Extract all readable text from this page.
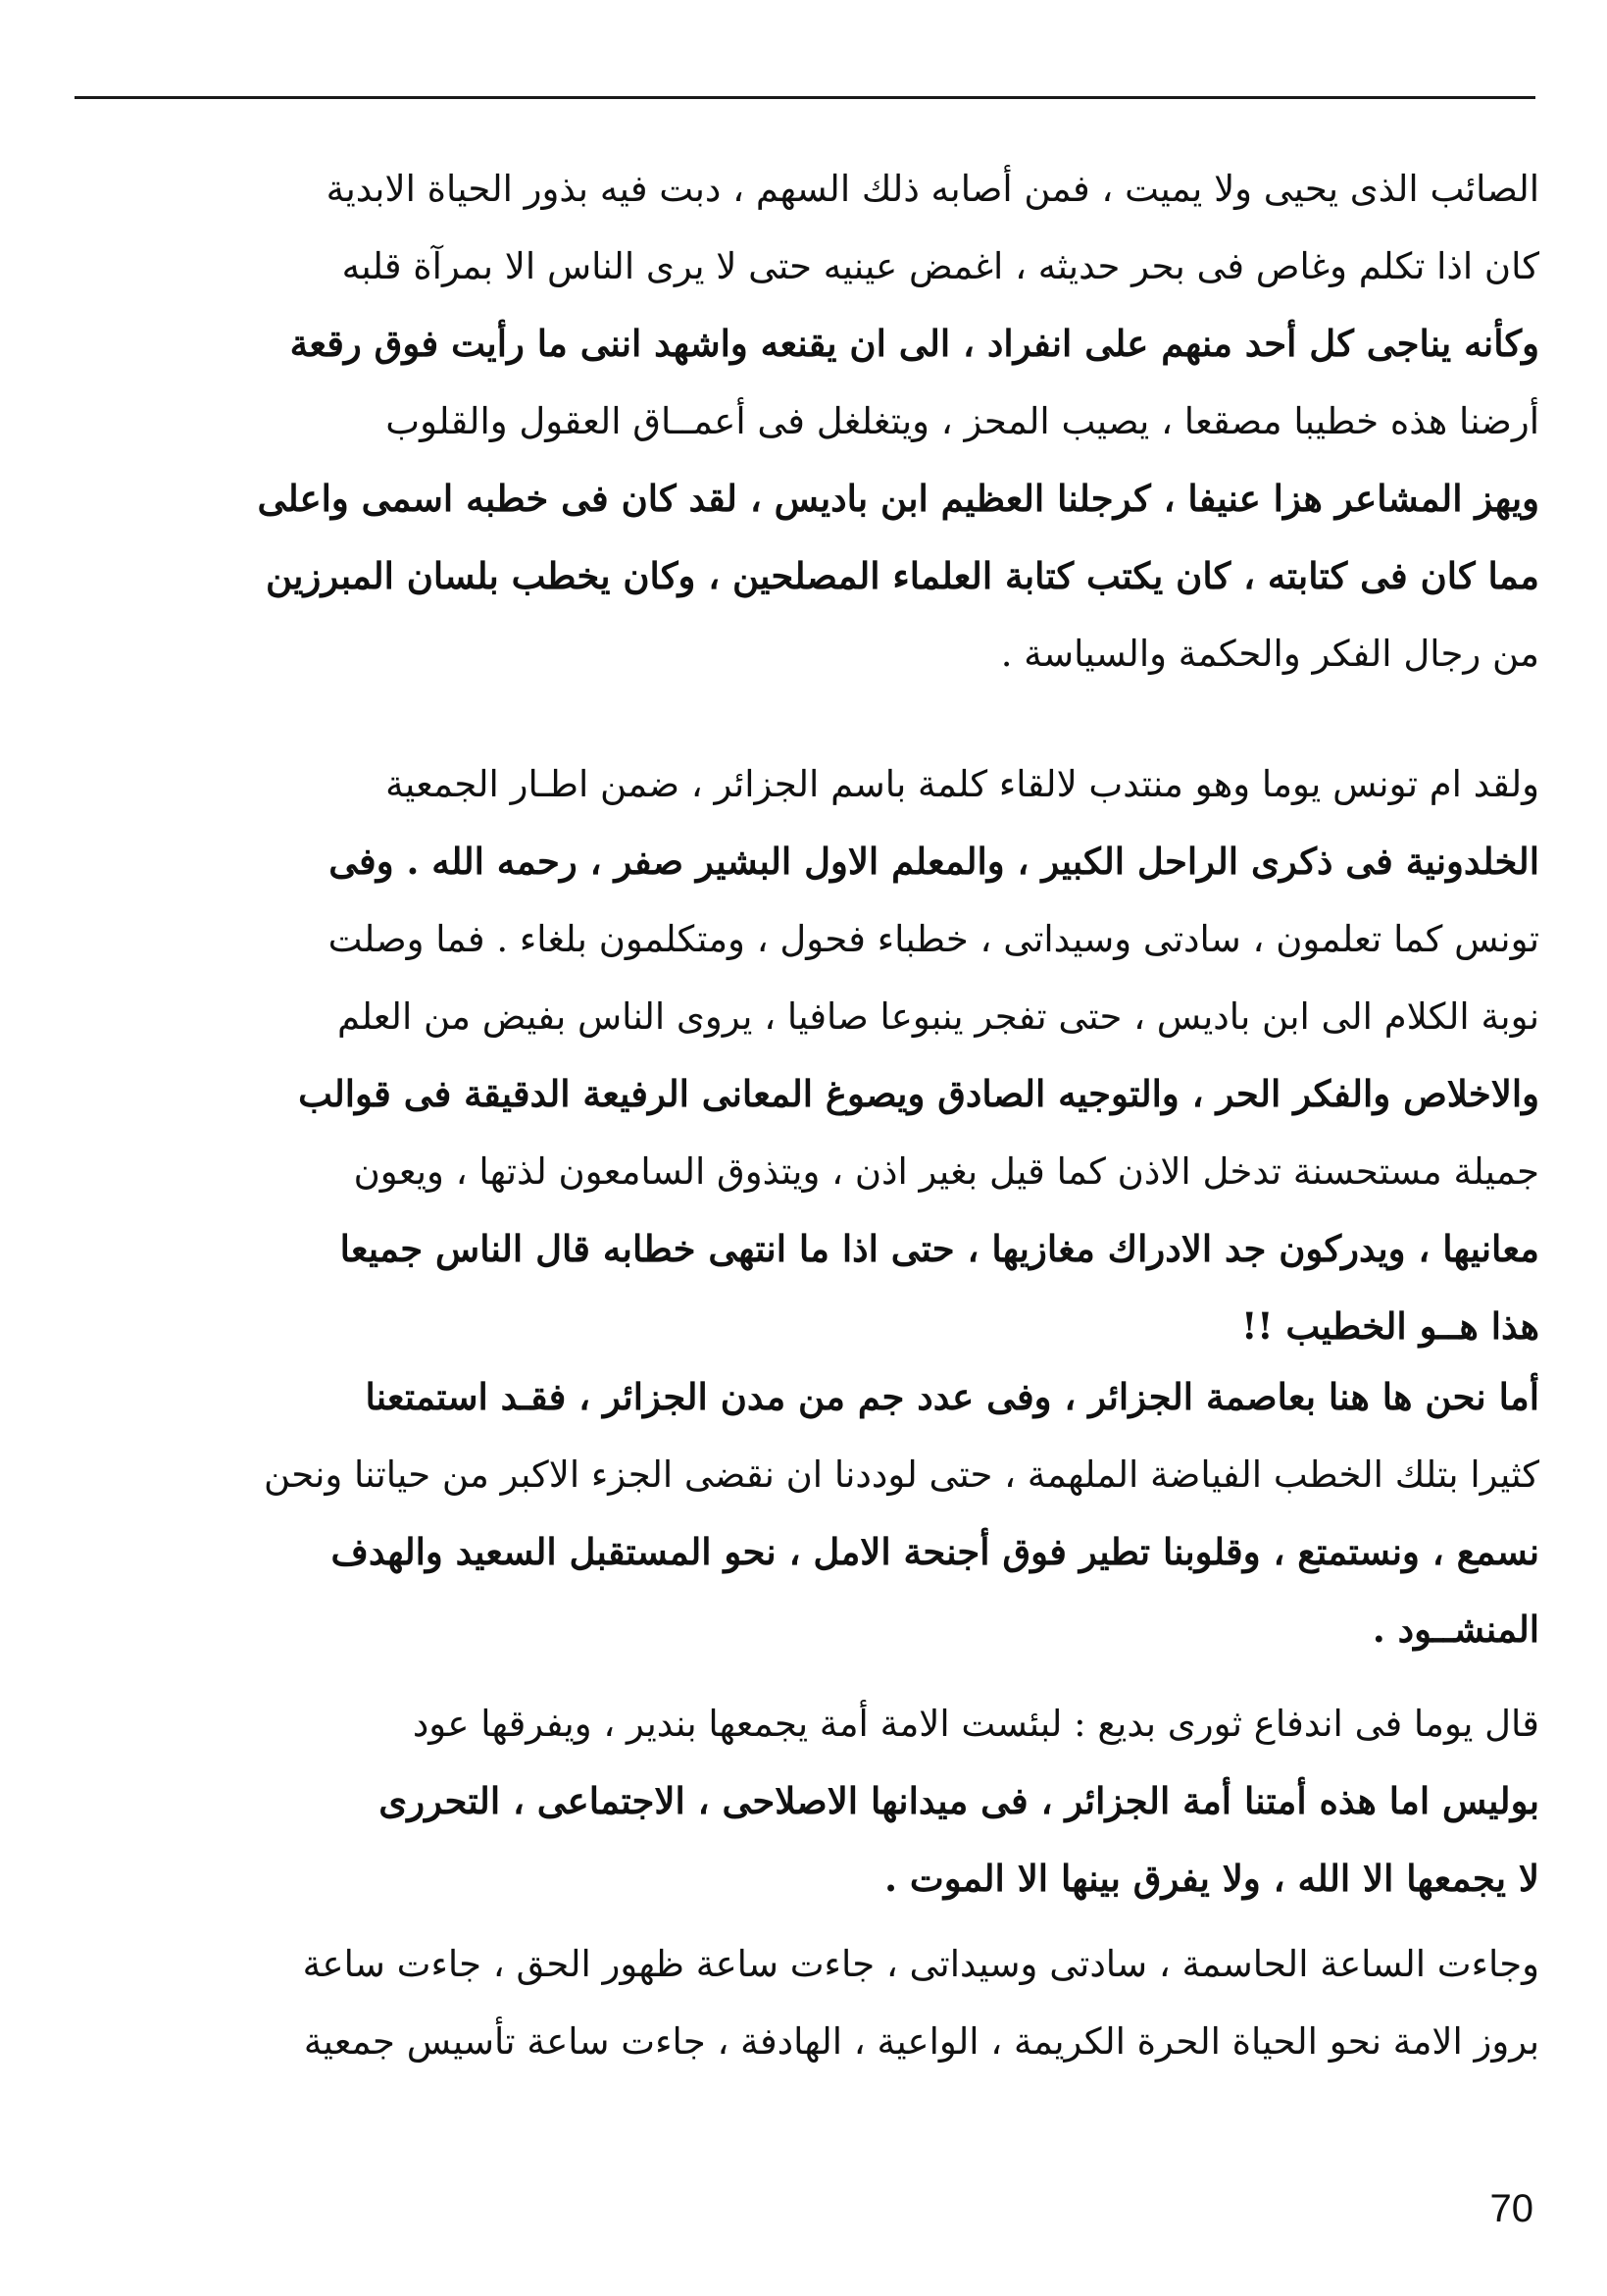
الصائب الذى يحيى ولا يميت ، فمن أصابه ذلك السهم ، دبت فيه بذور الحياة الابدية
كان اذا تكلم وغاص فى بحر حديثه ، اغمض عينيه حتى لا يرى الناس الا بمرآة قلبه
وكأنه يناجى كل أحد منهم على انفراد ، الى ان يقنعه واشهد اننى ما رأيت فوق رقعة
أرضنا هذه خطيبا مصقعا ، يصيب المحز ، ويتغلغل فى أعمــاق العقول والقلوب
ويهز المشاعر هزا عنيفا ، كرجلنا العظيم ابن باديس ، لقد كان فى خطبه اسمى واعلى
مما كان فى كتابته ، كان يكتب كتابة العلماء المصلحين ، وكان يخطب بلسان المبرزين
من رجال الفكر والحكمة والسياسة .
ولقد ام تونس يوما وهو منتدب لالقاء كلمة باسم الجزائر ، ضمن اطـار الجمعية
الخلدونية فى ذكرى الراحل الكبير ، والمعلم الاول البشير صفر ، رحمه الله . وفى
تونس كما تعلمون ، سادتى وسيداتى ، خطباء فحول ، ومتكلمون بلغاء . فما وصلت
نوبة الكلام الى ابن باديس ، حتى تفجر ينبوعا صافيا ، يروى الناس بفيض من العلم
والاخلاص والفكر الحر ، والتوجيه الصادق ويصوغ المعانى الرفيعة الدقيقة فى قوالب
جميلة مستحسنة تدخل الاذن كما قيل بغير اذن ، ويتذوق السامعون لذتها ، ويعون
معانيها ، ويدركون جد الادراك مغازيها ، حتى اذا ما انتهى خطابه قال الناس جميعا
هذا هــو الخطيب !!
أما نحن ها هنا بعاصمة الجزائر ، وفى عدد جم من مدن الجزائر ، فقـد استمتعنا
كثيرا بتلك الخطب الفياضة الملهمة ، حتى لوددنا ان نقضى الجزء الاكبر من حياتنا ونحن
نسمع ، ونستمتع ، وقلوبنا تطير فوق أجنحة الامل ، نحو المستقبل السعيد والهدف
المنشــود .
قال يوما فى اندفاع ثورى بديع : لبئست الامة أمة يجمعها بندير ، ويفرقها عود
بوليس اما هذه أمتنا أمة الجزائر ، فى ميدانها الاصلاحى ، الاجتماعى ، التحررى
لا يجمعها الا الله ، ولا يفرق بينها الا الموت .
وجاءت الساعة الحاسمة ، سادتى وسيداتى ، جاءت ساعة ظهور الحق ، جاءت ساعة
بروز الامة نحو الحياة الحرة الكريمة ، الواعية ، الهادفة ، جاءت ساعة تأسيس جمعية
70
